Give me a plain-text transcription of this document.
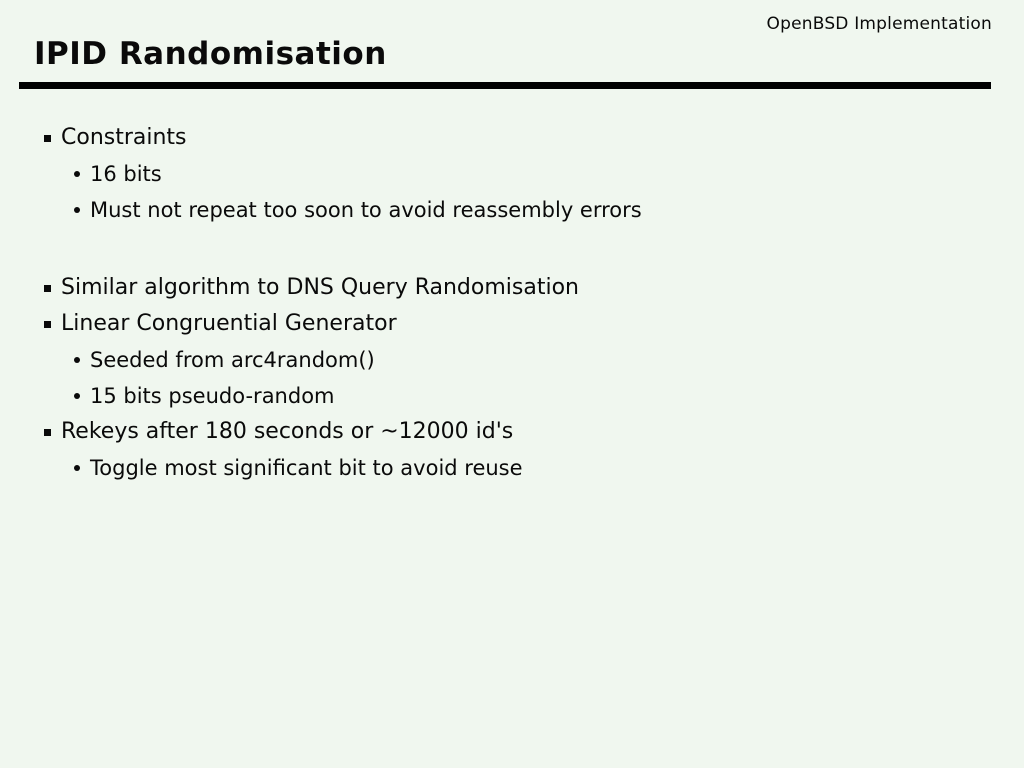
OpenBSD Implementation
IPID Randomisation
Constraints
16 bits
Must not repeat too soon to avoid reassembly errors
Similar algorithm to DNS Query Randomisation
Linear Congruential Generator
Seeded from arc4random()
15 bits pseudo-random
Rekeys after 180 seconds or ~12000 id's
Toggle most significant bit to avoid reuse
